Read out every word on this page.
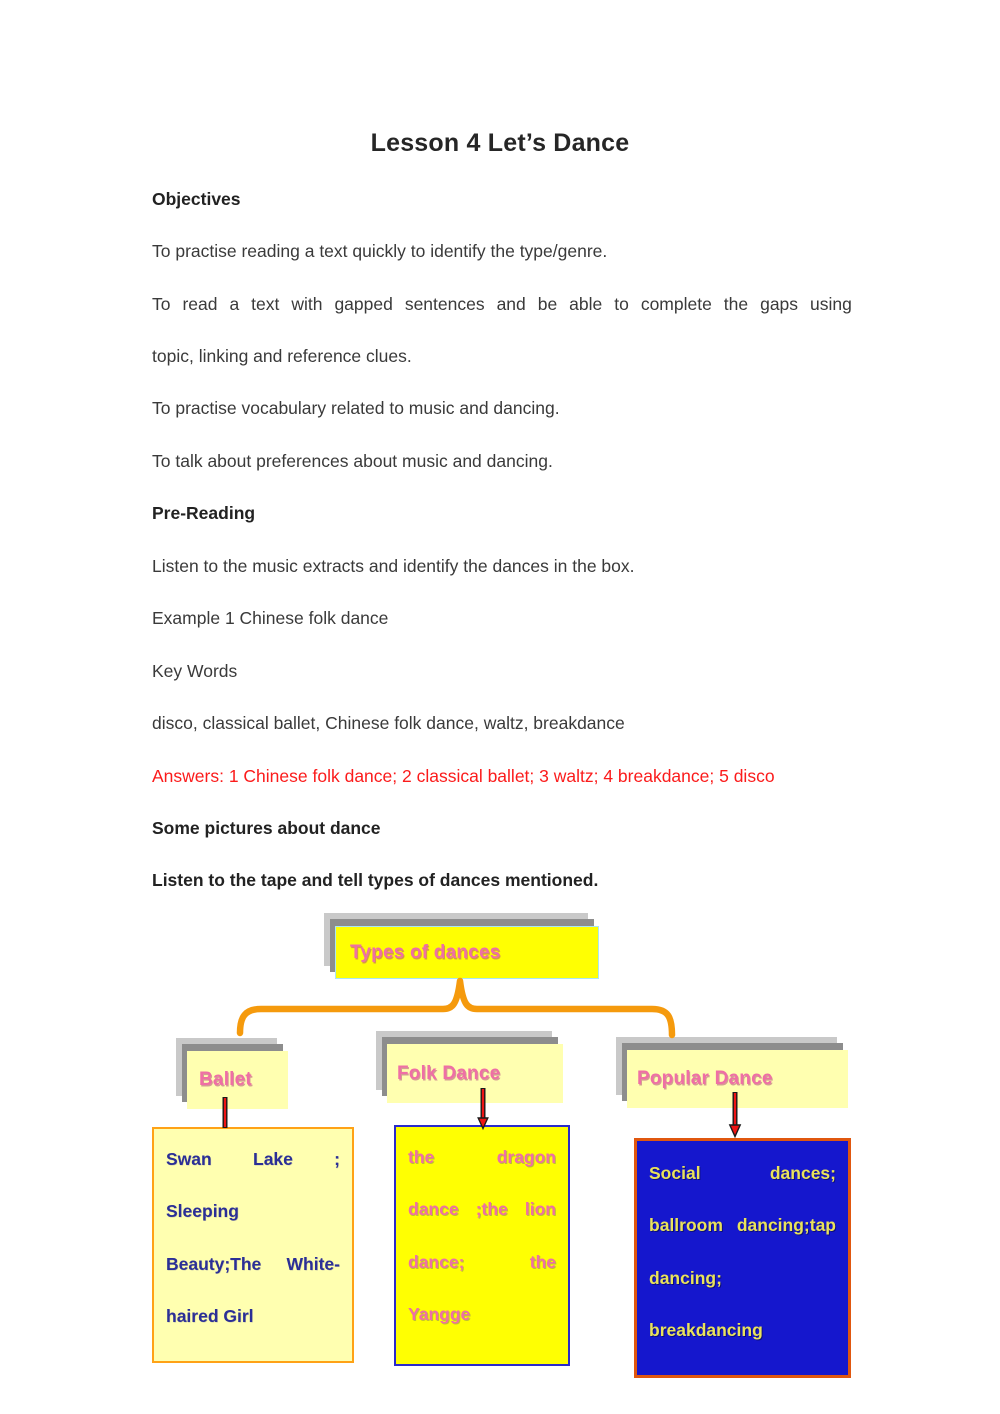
Lesson 4 Let’s Dance
Objectives
To practise reading a text quickly to identify the type/genre.
To read a text with gapped sentences and be able to complete the gaps using
topic, linking and reference clues.
To practise vocabulary related to music and dancing.
To talk about preferences about music and dancing.
Pre-Reading
Listen to the music extracts and identify the dances in the box.
Example 1 Chinese folk dance
Key Words
disco, classical ballet, Chinese folk dance, waltz, breakdance
Answers: 1 Chinese folk dance; 2 classical ballet; 3 waltz; 4 breakdance; 5 disco
Some pictures about dance
Listen to the tape and tell types of dances mentioned.
Types of dances
Ballet	Folk Dance	Popular Dance
Swan Lake ;
Sleeping
Beauty;The White-
haired Girl
the	dragon
dance ;the lion
dance;	the
Yangge
Social	dances;
ballroom dancing;tap
dancing;
breakdancing
